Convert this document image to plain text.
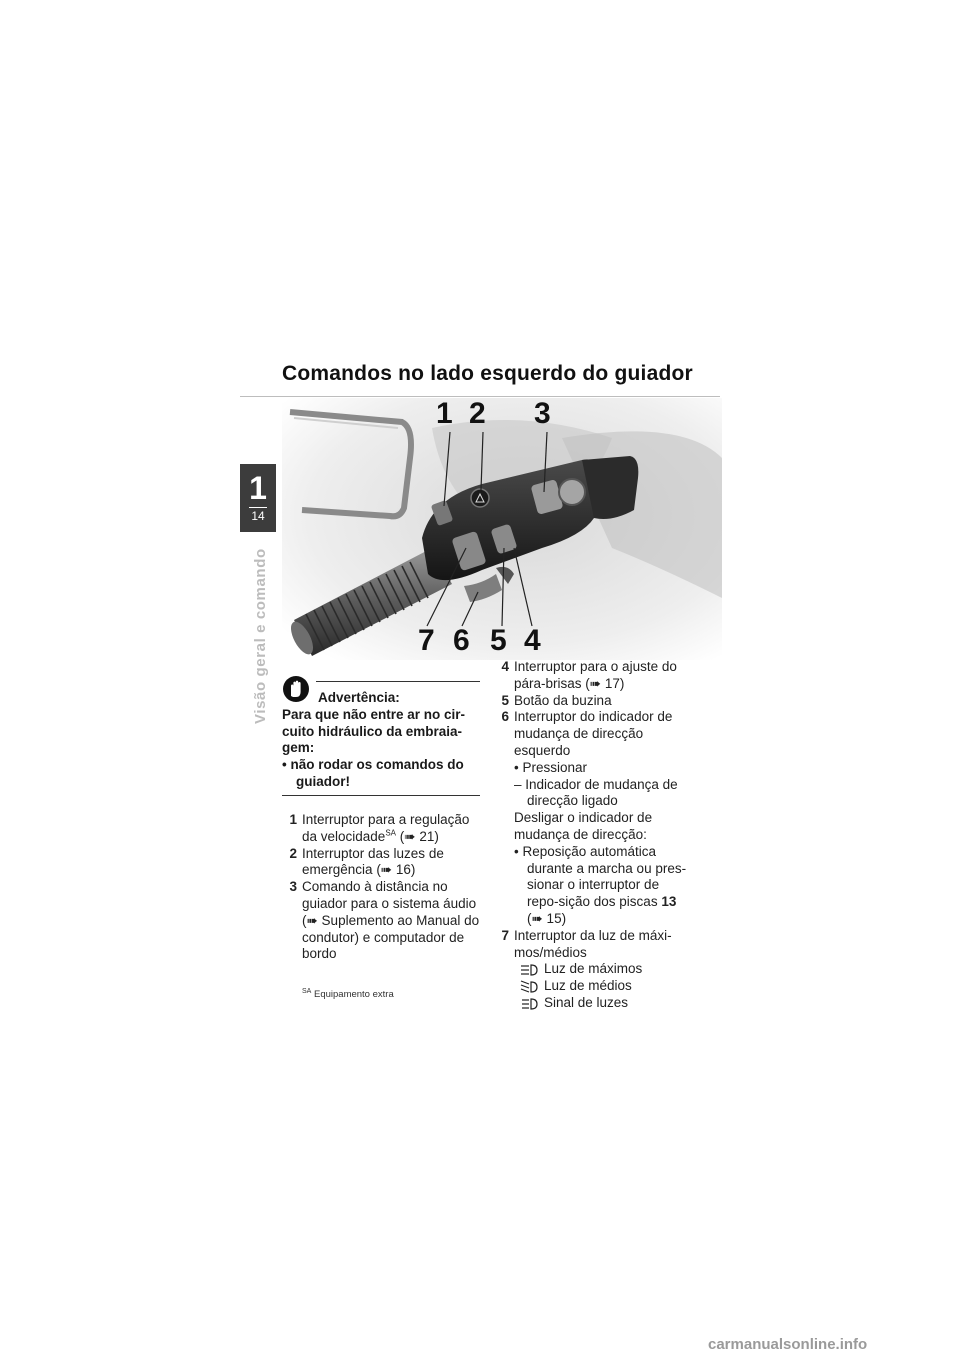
Comandos no lado esquerdo do guiador
1
14
Visão geral e comando
1 2 3
7 6 5 4
Advertência:
Para que não entre ar no cir-cuito hidráulico da embraia-gem:
• não rodar os comandos do guiador!
1 Interruptor para a regulação da velocidade$^{SA}$ (➠ 21)
2 Interruptor das luzes de emergência (➠ 16)
3 Comando à distância no guiador para o sistema áudio (➠ Suplemento ao Manual do condutor) e computador de bordo
$^{SA}$ Equipamento extra
4 Interruptor para o ajuste do pára-brisas (➠ 17)
5 Botão da buzina
6 Interruptor do indicador de mudança de direcção esquerdo
• Pressionar
– Indicador de mudança de direcção ligado
Desligar o indicador de mudança de direcção:
• Reposição automática durante a marcha ou pres-sionar o interruptor de repo-sição dos piscas 13 (➠ 15)
7 Interruptor da luz de máxi-mos/médios
Luz de máximos
Luz de médios
Sinal de luzes
carmanualsonline.info
